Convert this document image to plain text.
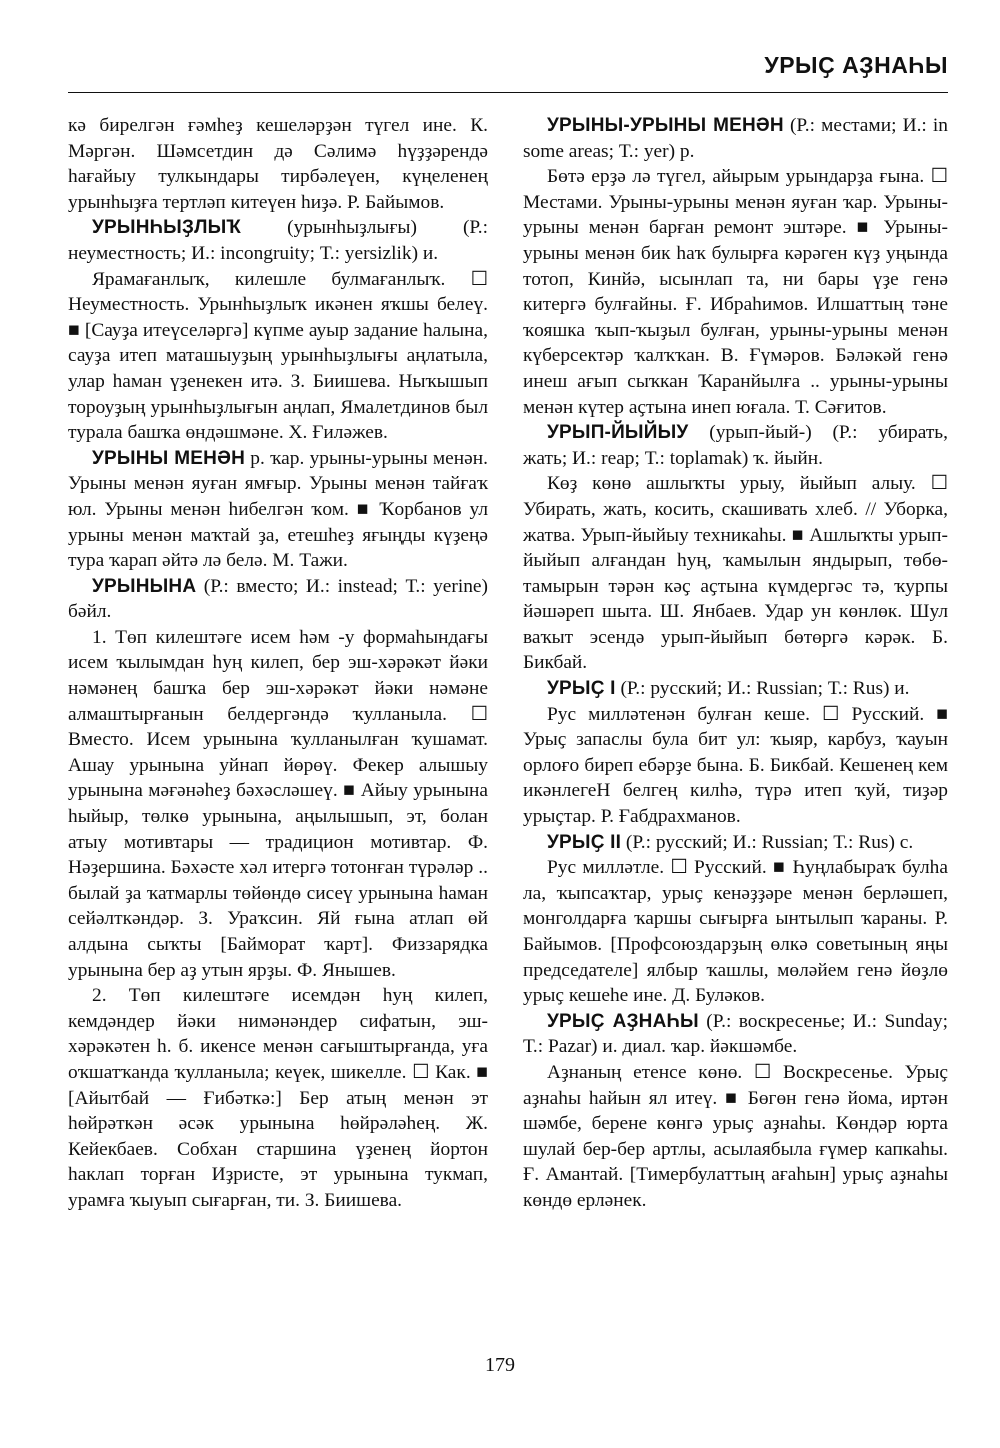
УРЫҪ АҘНАҺЫ

кә бирелгән ғәмһеҙ кешеләрҙән түгел ине. К. Мәргән. Шәмсетдин дә Сәлимә һүҙҙәрендә һағайыу тулкындары тирбәлеүен, күңеленең урынһыҙға тертләп китеүен һиҙә. Р. Байымов.

УРЫНҺЫҘЛЫҠ (урынһыҙлығы) (Р.: неуместность; И.: incongruity; Т.: yersizlik) и.

Ярамағанлыҡ, килешле булмағанлыҡ. ☐ Неуместность. Урынһыҙлыҡ икәнен яҡшы белеү. ■ [Сауҙа итеүселәргә] күпме ауыр задание һалына, сауҙа итеп маташыуҙың урынһыҙлығы аңлатыла, улар һаман үҙенекен итә. З. Биишева. Ныҡышып тороуҙың урынһыҙлығын аңлап, Ямалетдинов был турала башҡа өндәшмәне. Х. Ғиләжев.

УРЫНЫ МЕНӘН р. ҡар. урыны-урыны менән. Урыны менән яуған ямғыр. Урыны менән тайғаҡ юл. Урыны менән һибелгән ҡом. ■ Ҡорбанов ул урыны менән маҡтай ҙа, етешһеҙ яғыңды күҙеңә тура ҡарап әйтә лә белә. М. Тажи.

УРЫНЫНА (Р.: вместо; И.: instead; Т.: yerine) бәйл.

1. Төп килештәге исем һәм -у формаһындағы исем ҡылымдан һуң килеп, бер эш-хәрәкәт йәки нәмәнең башҡа бер эш-хәрәкәт йәки нәмәне алмаштырғанын белдергәндә ҡулланыла. ☐ Вместо. Исем урынына ҡулланылған ҡушамат. Ашау урынына уйнап йөрөү. Фекер алышыу урынына мәғәнәһеҙ бәхәсләшеү. ■ Айыу урынына һыйыр, төлкө урынына, аңылышып, эт, болан атыу мотивтары — традицион мотивтар. Ф. Нәҙершина. Бәхәсте хәл итергә тотонған түрәләр .. былай ҙа ҡатмарлы төйөндө сисеү урынына һаман сейәлткәндәр. З. Ураҡсин. Яй ғына атлап өй алдына сыҡты [Байморат ҡарт]. Физзарядка урынына бер аҙ утын ярҙы. Ф. Янышев.

2. Төп килештәге исемдән һуң килеп, кемдәндер йәки нимәнәндер сифатын, эш-хәрәкәтен һ. б. икенсе менән сағыштырғанда, уға оҡшатҡанда ҡулланыла; кеүек, шикелле. ☐ Как. ■ [Айытбай — Ғибәткә:] Бер атың менән эт һөйрәткән әсәк урынына һөйрәләһең. Ж. Кейекбаев. Собхан старшина үҙенең йортон һаклап торған Иҙристе, эт урынына тукмап, урамға ҡыуып сығарған, ти. З. Биишева.

УРЫНЫ-УРЫНЫ МЕНӘН (Р.: местами; И.: in some areas; Т.: yer) р.

Бөтә ерҙә лә түгел, айырым урындарҙа ғына. ☐ Местами. Урыны-урыны менән яуған ҡар. Урыны-урыны менән барған ремонт эштәре. ■ Урыны-урыны менән бик һаҡ булырға кәрәген күҙ уңында тотоп, Кинйә, ысынлап та, ни бары үҙе генә китергә булғайны. Ғ. Ибраһимов. Илшаттың тәне ҡояшка ҡып-ҡыҙыл булған, урыны-урыны менән күберсектәр ҡалҡҡан. В. Ғүмәров. Бәләкәй генә инеш ағып сыҡкан Ҡаранйылға .. урыны-урыны менән күтер аҫтына инеп юғала. Т. Сәғитов.

УРЫП-ЙЫЙЫУ (урып-йый-) (Р.: убирать, жать; И.: reap; Т.: toplamak) ҡ. йыйн.

Көҙ көнө ашлыҡты урыу, йыйып алыу. ☐ Убирать, жать, косить, скашивать хлеб. // Уборка, жатва. Урып-йыйыу техникаһы. ■ Ашлыҡты урып-йыйып алғандан һуң, ҡамылын яндырып, төбө-тамырын тәрән кәҫ аҫтына күмдергәс тә, ҡурпы йәшәреп шыта. Ш. Янбаев. Удар ун көнлөк. Шул ваҡыт эсендә урып-йыйып бөтөргә кәрәк. Б. Бикбай.

УРЫҪ I (Р.: русский; И.: Russian; Т.: Rus) и.

Рус милләтенән булған кеше. ☐ Русский. ■ Урыҫ запаслы була бит ул: ҡыяр, карбуз, ҡауын орлоғо биреп ебәрҙе бына. Б. Бикбай. Кешенең кем икәнлегеН белгең килһә, түрә итеп ҡуй, тиҙәр урыҫтар. Р. Ғабдрахманов.

УРЫҪ II (Р.: русский; И.: Russian; Т.: Rus) с.

Рус милләтле. ☐ Русский. ■ Һуңлабыраҡ булһа ла, ҡыпсаҡтар, урыҫ кенәҙҙәре менән берләшеп, монголдарға ҡаршы сығырға ынтылып ҡараны. Р. Байымов. [Профсоюздарҙың өлкә советының яңы председателе] ялбыр ҡашлы, мөләйем генә йөҙлө урыҫ кешеһе ине. Д. Буләков.

УРЫҪ АҘНАҺЫ (Р.: воскресенье; И.: Sunday; Т.: Pazar) и. диал. ҡар. йәкшәмбе.

Аҙнаның етенсе көнө. ☐ Воскресенье. Урыҫ аҙнаһы һайын ял итеү. ■ Бөгөн генә йома, иртән шәмбе, берене көнгә урыҫ аҙнаһы. Көндәр юрта шулай бер-бер артлы, асылаябыла ғүмер капкаһы. Ғ. Амантай. [Тимербулаттың ағаһын] урыҫ аҙнаһы көндө ерләнек.

179
